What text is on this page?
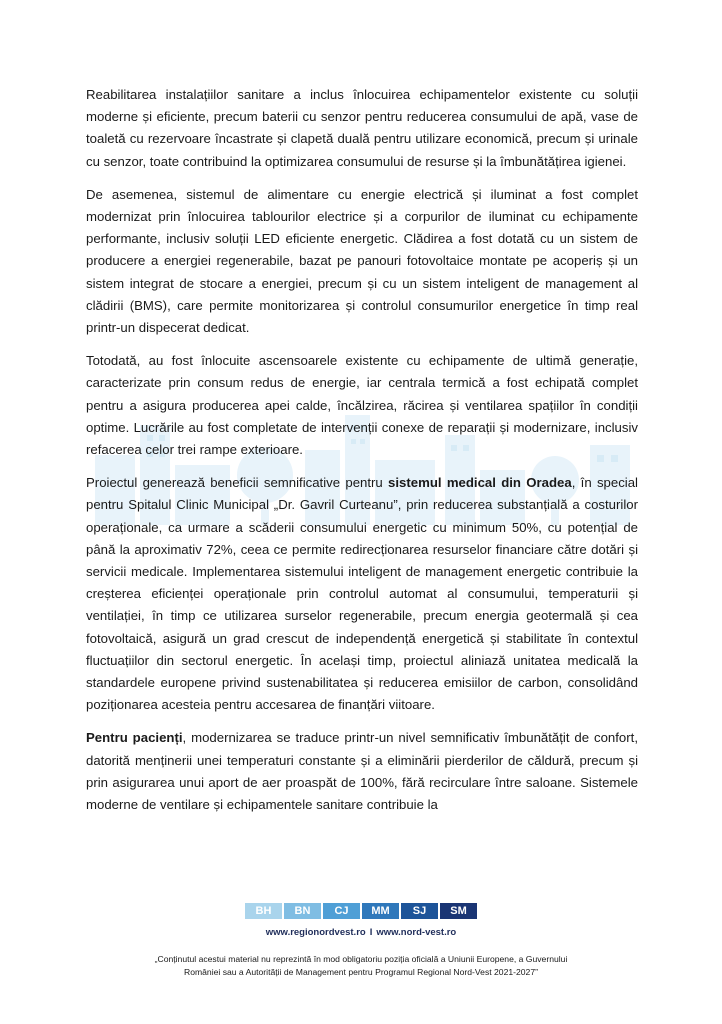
Reabilitarea instalațiilor sanitare a inclus înlocuirea echipamentelor existente cu soluții moderne și eficiente, precum baterii cu senzor pentru reducerea consumului de apă, vase de toaletă cu rezervoare încastrate și clapetă duală pentru utilizare economică, precum și urinale cu senzor, toate contribuind la optimizarea consumului de resurse și la îmbunătățirea igienei.

De asemenea, sistemul de alimentare cu energie electrică și iluminat a fost complet modernizat prin înlocuirea tablourilor electrice și a corpurilor de iluminat cu echipamente performante, inclusiv soluții LED eficiente energetic. Clădirea a fost dotată cu un sistem de producere a energiei regenerabile, bazat pe panouri fotovoltaice montate pe acoperiș și un sistem integrat de stocare a energiei, precum și cu un sistem inteligent de management al clădirii (BMS), care permite monitorizarea și controlul consumurilor energetice în timp real printr-un dispecerat dedicat.

Totodată, au fost înlocuite ascensoarele existente cu echipamente de ultimă generație, caracterizate prin consum redus de energie, iar centrala termică a fost echipată complet pentru a asigura producerea apei calde, încălzirea, răcirea și ventilarea spațiilor în condiții optime. Lucrările au fost completate de intervenții conexe de reparații și modernizare, inclusiv refacerea celor trei rampe exterioare.

Proiectul generează beneficii semnificative pentru sistemul medical din Oradea, în special pentru Spitalul Clinic Municipal „Dr. Gavril Curteanu”, prin reducerea substanțială a costurilor operaționale, ca urmare a scăderii consumului energetic cu minimum 50%, cu potențial de până la aproximativ 72%, ceea ce permite redirecționarea resurselor financiare către dotări și servicii medicale. Implementarea sistemului inteligent de management energetic contribuie la creșterea eficienței operaționale prin controlul automat al consumului, temperaturii și ventilației, în timp ce utilizarea surselor regenerabile, precum energia geotermală și cea fotovoltaică, asigură un grad crescut de independență energetică și stabilitate în contextul fluctuațiilor din sectorul energetic. În același timp, proiectul aliniază unitatea medicală la standardele europene privind sustenabilitatea și reducerea emisiilor de carbon, consolidând poziționarea acesteia pentru accesarea de finanțări viitoare.

Pentru pacienți, modernizarea se traduce printr-un nivel semnificativ îmbunătățit de confort, datorită menținerii unei temperaturi constante și a eliminării pierderilor de căldură, precum și prin asigurarea unui aport de aer proaspăt de 100%, fără recirculare între saloane. Sistemele moderne de ventilare și echipamentele sanitare contribuie la

BH	BN	CJ	MM	SJ	SM
www.regionordvest.ro I www.nord-vest.ro
„Conținutul acestui material nu reprezintă în mod obligatoriu poziția oficială a Uniunii Europene, a Guvernului
României sau a Autorității de Management pentru Programul Regional Nord-Vest 2021-2027”
